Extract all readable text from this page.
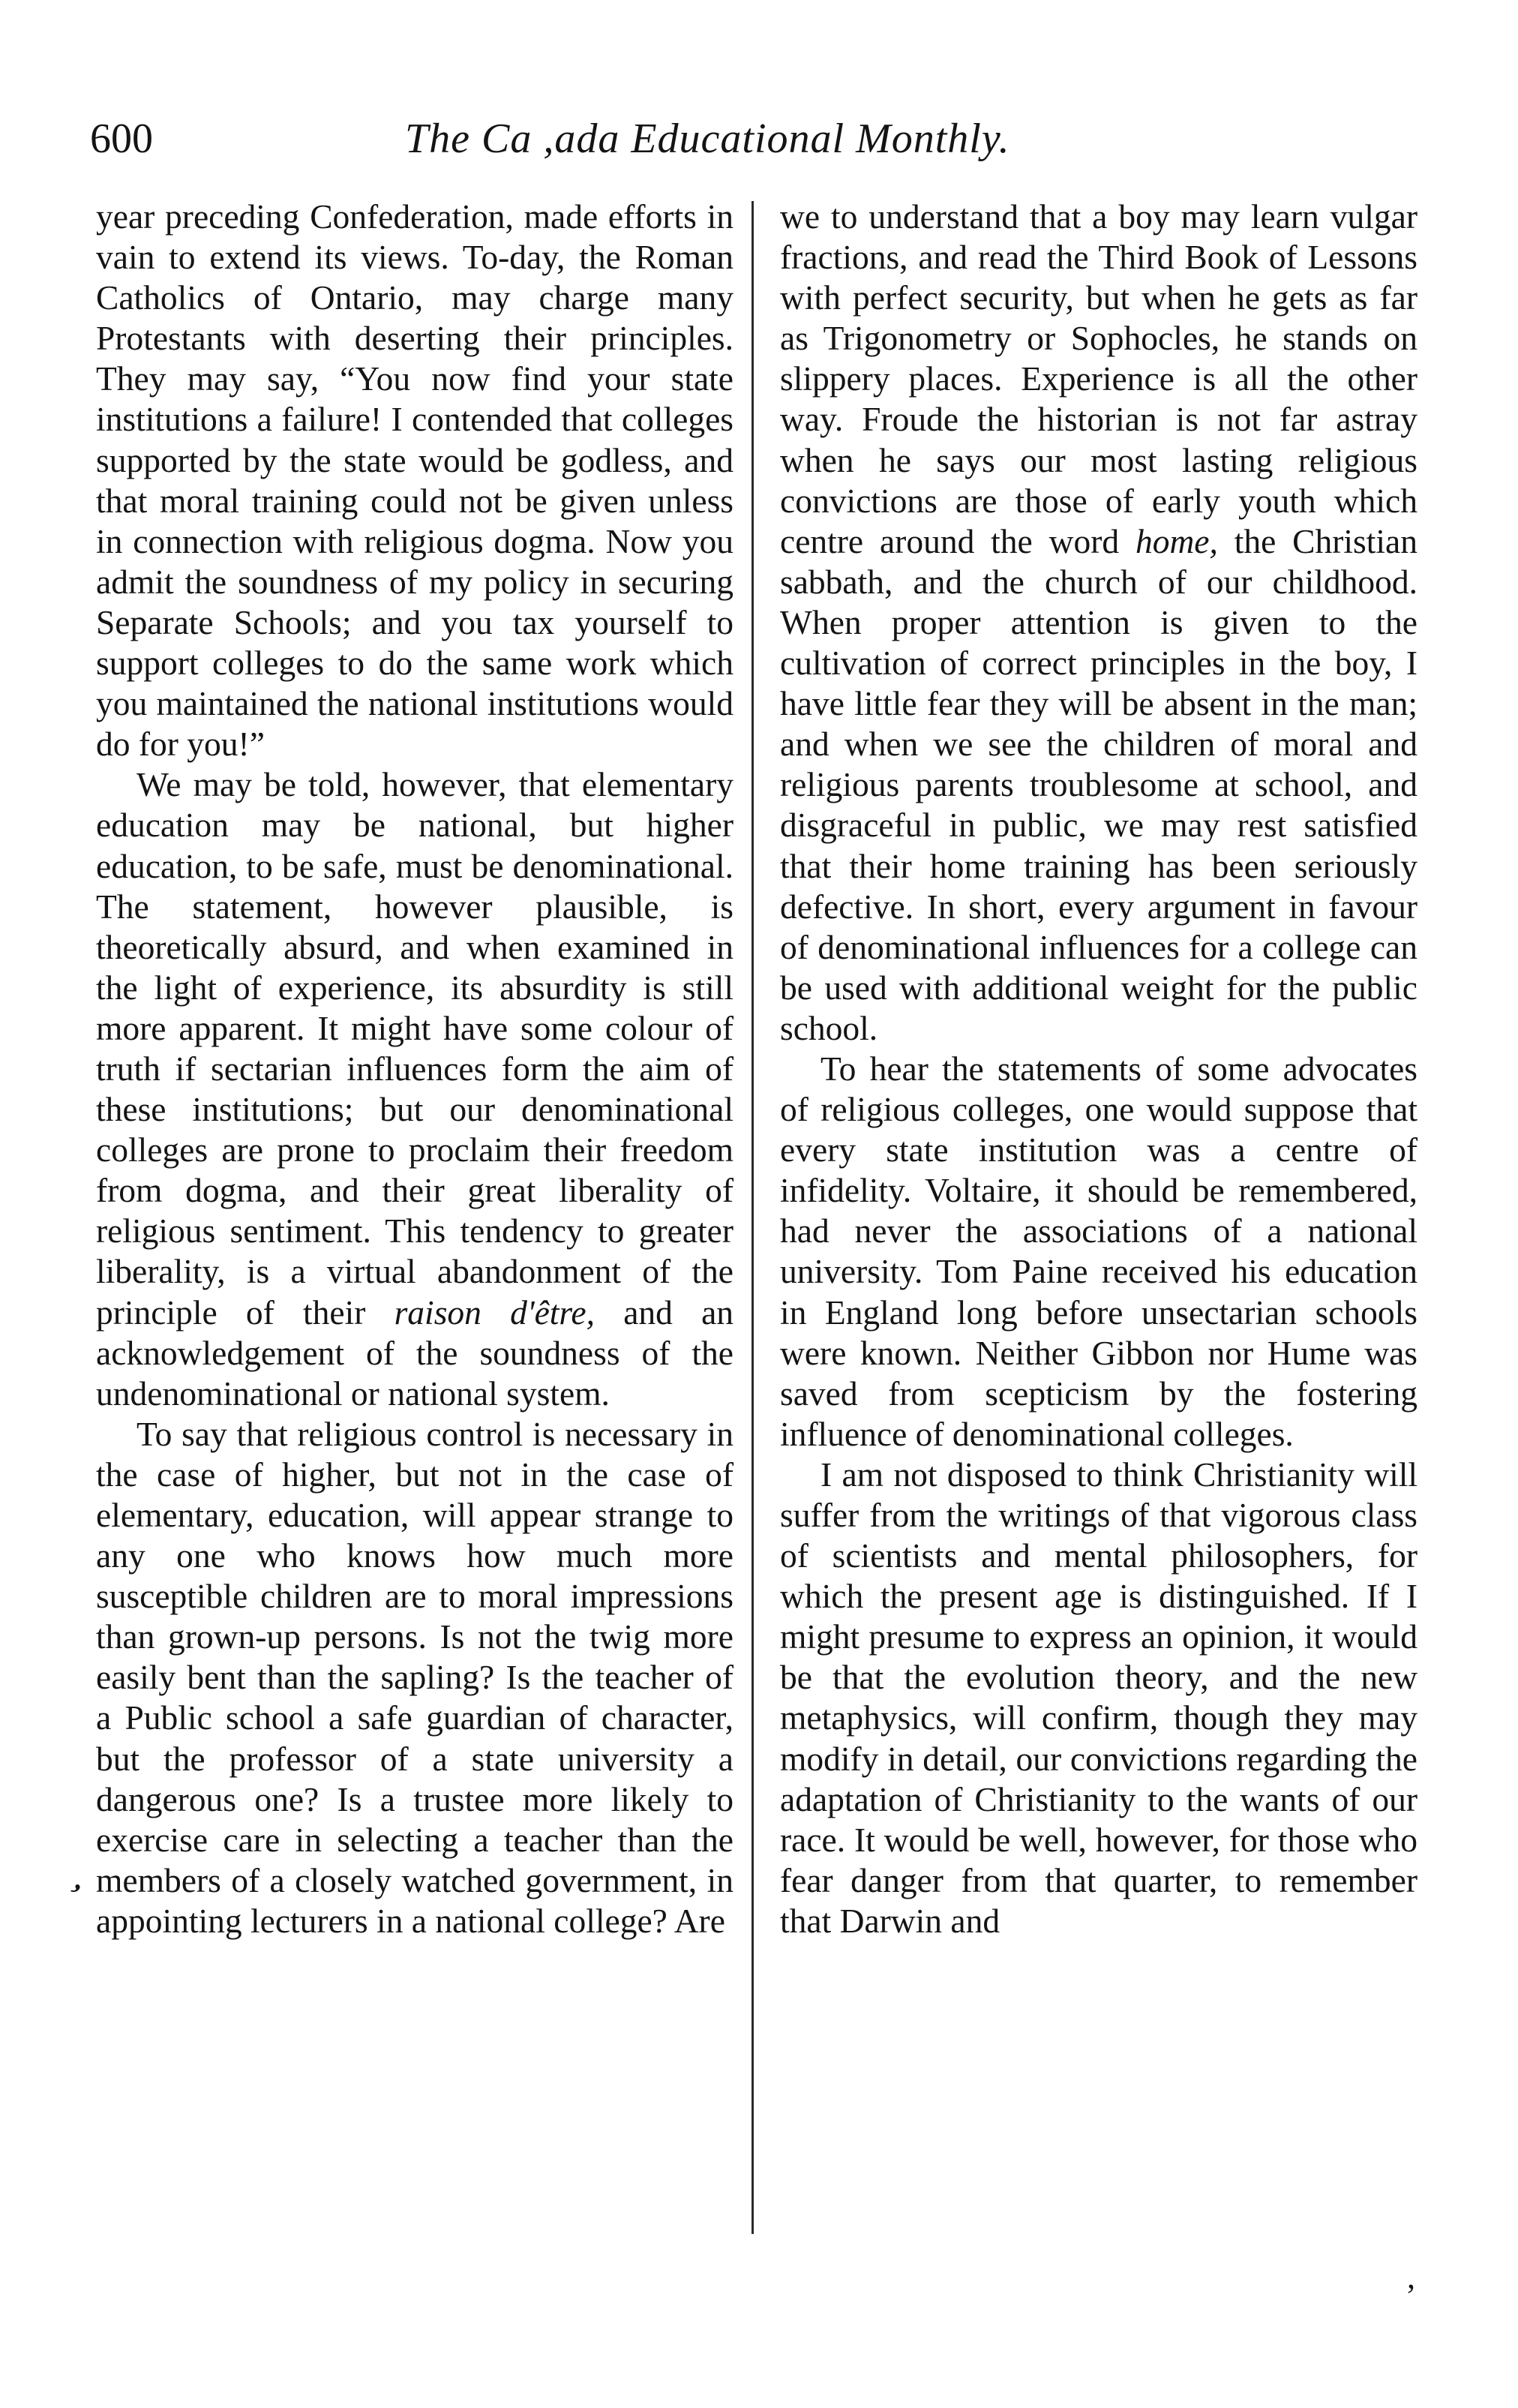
600	The Ca ,ada Educational Monthly.

year preceding Confederation, made efforts in vain to extend its views. To-day, the Roman Catholics of Ontario, may charge many Protestants with deserting their principles. They may say, “You now find your state institutions a failure! I contended that colleges supported by the state would be godless, and that moral training could not be given unless in connection with religious dogma. Now you admit the soundness of my policy in securing Separate Schools; and you tax yourself to support colleges to do the same work which you maintained the national institutions would do for you!”

We may be told, however, that elementary education may be national, but higher education, to be safe, must be denominational. The statement, however plausible, is theoretically absurd, and when examined in the light of experience, its absurdity is still more apparent. It might have some colour of truth if sectarian influences form the aim of these institutions; but our denominational colleges are prone to proclaim their freedom from dogma, and their great liberality of religious sentiment. This tendency to greater liberality, is a virtual abandonment of the principle of their raison d'être, and an acknowledgement of the soundness of the undenominational or national system.

To say that religious control is necessary in the case of higher, but not in the case of elementary, education, will appear strange to any one who knows how much more susceptible children are to moral impressions than grown-up persons. Is not the twig more easily bent than the sapling? Is the teacher of a Public school a safe guardian of character, but the professor of a state university a dangerous one? Is a trustee more likely to exercise care in selecting a teacher than the members of a closely watched government, in appointing lecturers in a national college? Are

we to understand that a boy may learn vulgar fractions, and read the Third Book of Lessons with perfect security, but when he gets as far as Trigonometry or Sophocles, he stands on slippery places. Experience is all the other way. Froude the historian is not far astray when he says our most lasting religious convictions are those of early youth which centre around the word home, the Christian sabbath, and the church of our childhood. When proper attention is given to the cultivation of correct principles in the boy, I have little fear they will be absent in the man; and when we see the children of moral and religious parents troublesome at school, and disgraceful in public, we may rest satisfied that their home training has been seriously defective. In short, every argument in favour of denominational influences for a college can be used with additional weight for the public school.

To hear the statements of some advocates of religious colleges, one would suppose that every state institution was a centre of infidelity. Voltaire, it should be remembered, had never the associations of a national university. Tom Paine received his education in England long before unsectarian schools were known. Neither Gibbon nor Hume was saved from scepticism by the fostering influence of denominational colleges.

I am not disposed to think Christianity will suffer from the writings of that vigorous class of scientists and mental philosophers, for which the present age is distinguished. If I might presume to express an opinion, it would be that the evolution theory, and the new metaphysics, will confirm, though they may modify in detail, our convictions regarding the adaptation of Christianity to the wants of our race. It would be well, however, for those who fear danger from that quarter, to remember that Darwin and

’
,
